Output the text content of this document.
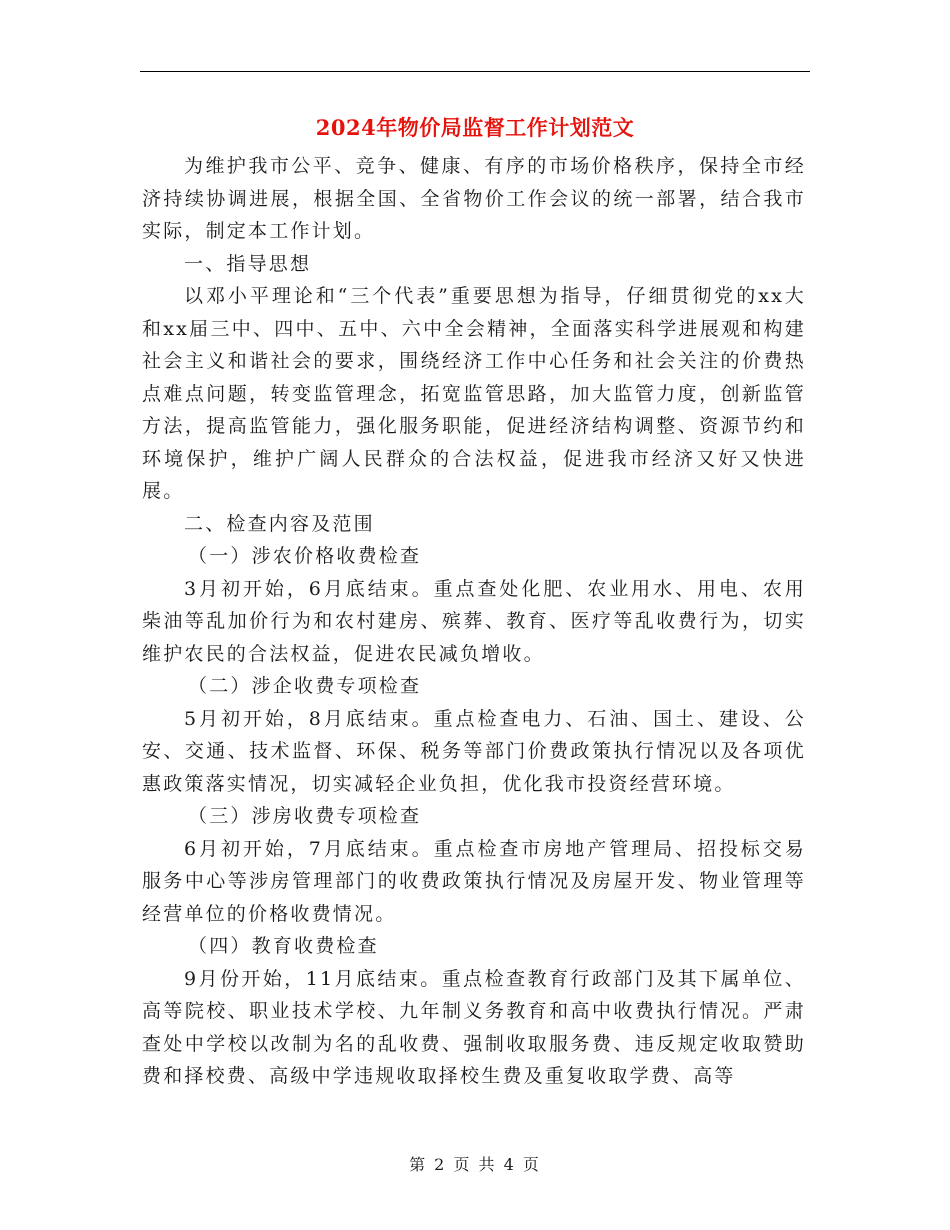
2024年物价局监督工作计划范文

为维护我市公平、竞争、健康、有序的市场价格秩序，保持全市经济持续协调进展，根据全国、全省物价工作会议的统一部署，结合我市实际，制定本工作计划。

一、指导思想

以邓小平理论和“三个代表”重要思想为指导，仔细贯彻党的xx大和xx届三中、四中、五中、六中全会精神，全面落实科学进展观和构建社会主义和谐社会的要求，围绕经济工作中心任务和社会关注的价费热点难点问题，转变监管理念，拓宽监管思路，加大监管力度，创新监管方法，提高监管能力，强化服务职能，促进经济结构调整、资源节约和环境保护，维护广阔人民群众的合法权益，促进我市经济又好又快进展。

二、检查内容及范围

（一）涉农价格收费检查

3月初开始，6月底结束。重点查处化肥、农业用水、用电、农用柴油等乱加价行为和农村建房、殡葬、教育、医疗等乱收费行为，切实维护农民的合法权益，促进农民减负增收。

（二）涉企收费专项检查

5月初开始，8月底结束。重点检查电力、石油、国土、建设、公安、交通、技术监督、环保、税务等部门价费政策执行情况以及各项优惠政策落实情况，切实减轻企业负担，优化我市投资经营环境。

（三）涉房收费专项检查

6月初开始，7月底结束。重点检查市房地产管理局、招投标交易服务中心等涉房管理部门的收费政策执行情况及房屋开发、物业管理等经营单位的价格收费情况。

（四）教育收费检查

9月份开始，11月底结束。重点检查教育行政部门及其下属单位、高等院校、职业技术学校、九年制义务教育和高中收费执行情况。严肃查处中学校以改制为名的乱收费、强制收取服务费、违反规定收取赞助费和择校费、高级中学违规收取择校生费及重复收取学费、高等

第 2 页 共 4 页
